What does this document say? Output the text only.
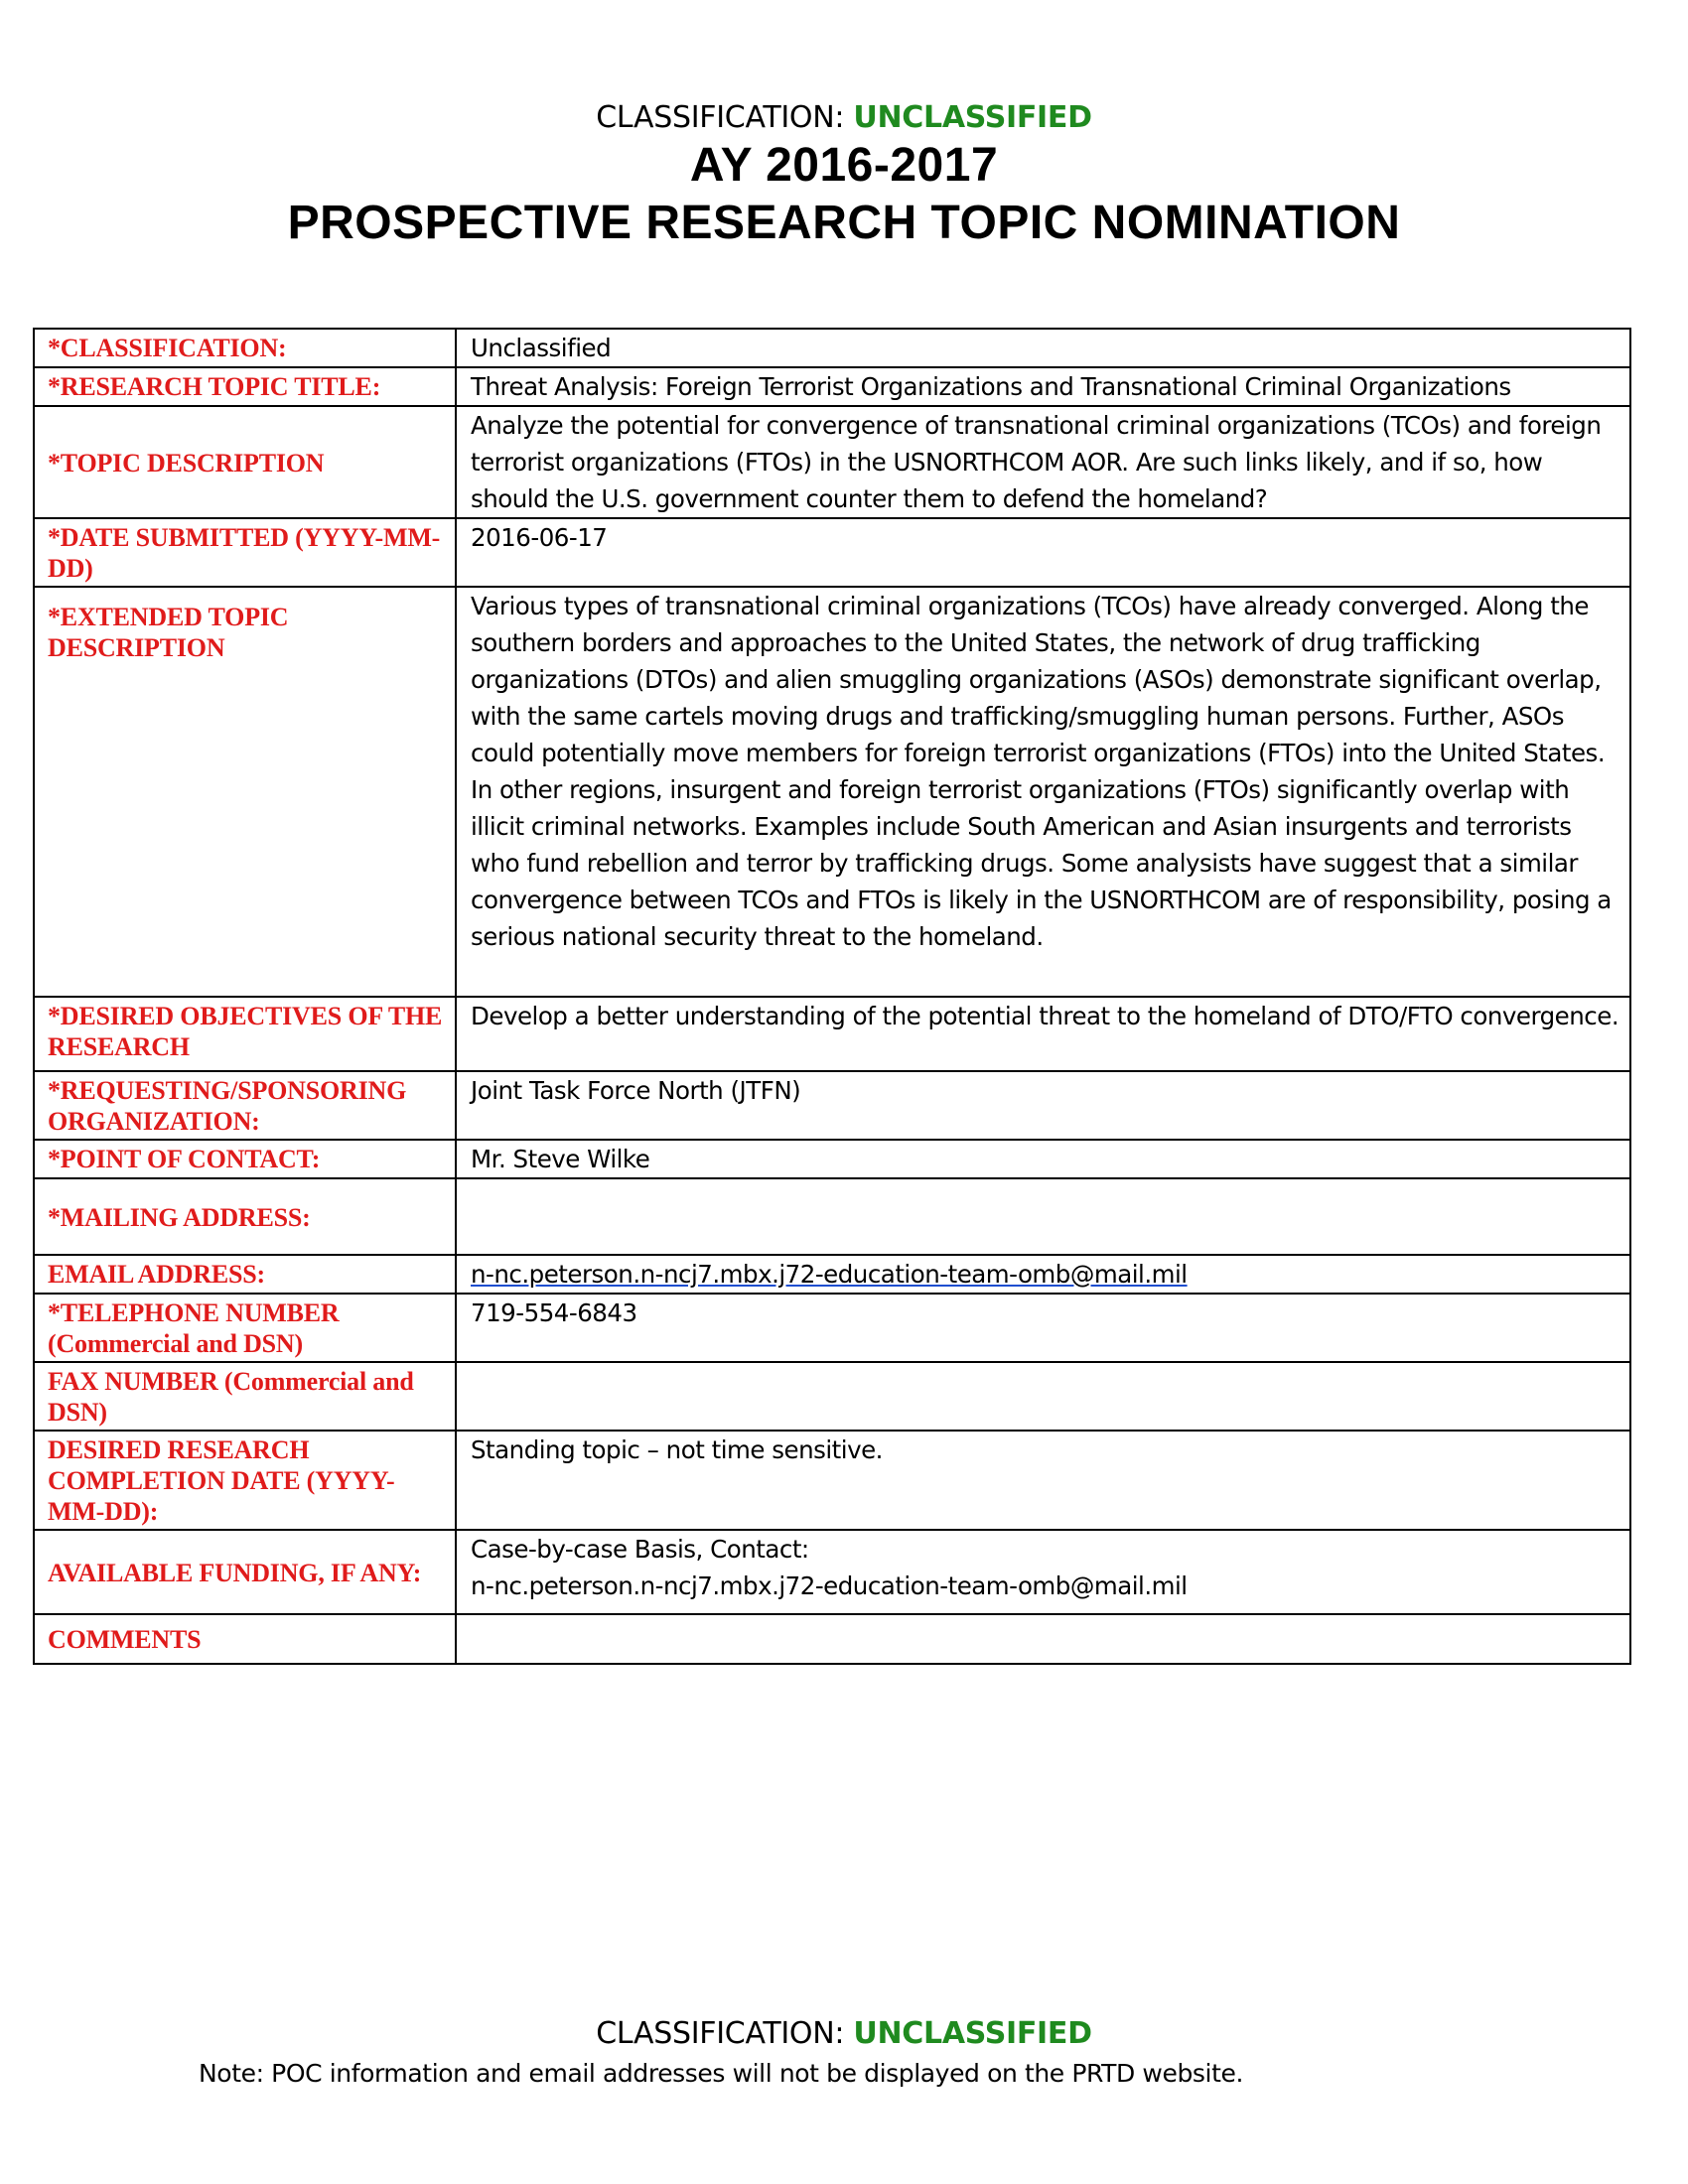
CLASSIFICATION: UNCLASSIFIED
AY 2016-2017
PROSPECTIVE RESEARCH TOPIC NOMINATION
*CLASSIFICATION:	Unclassified
*RESEARCH TOPIC TITLE:	Threat Analysis: Foreign Terrorist Organizations and Transnational Criminal Organizations
*TOPIC DESCRIPTION	Analyze the potential for convergence of transnational criminal organizations (TCOs) and foreign terrorist organizations (FTOs) in the USNORTHCOM AOR. Are such links likely, and if so, how should the U.S. government counter them to defend the homeland?
*DATE SUBMITTED (YYYY-MM-DD)	2016-06-17
*EXTENDED TOPIC DESCRIPTION	Various types of transnational criminal organizations (TCOs) have already converged. Along the southern borders and approaches to the United States, the network of drug trafficking organizations (DTOs) and alien smuggling organizations (ASOs) demonstrate significant overlap, with the same cartels moving drugs and trafficking/smuggling human persons. Further, ASOs could potentially move members for foreign terrorist organizations (FTOs) into the United States. In other regions, insurgent and foreign terrorist organizations (FTOs) significantly overlap with illicit criminal networks. Examples include South American and Asian insurgents and terrorists who fund rebellion and terror by trafficking drugs. Some analysists have suggest that a similar convergence between TCOs and FTOs is likely in the USNORTHCOM are of responsibility, posing a serious national security threat to the homeland.
*DESIRED OBJECTIVES OF THE RESEARCH	Develop a better understanding of the potential threat to the homeland of DTO/FTO convergence.
*REQUESTING/SPONSORING ORGANIZATION:	Joint Task Force North (JTFN)
*POINT OF CONTACT:	Mr. Steve Wilke
*MAILING ADDRESS:	
EMAIL ADDRESS:	n-nc.peterson.n-ncj7.mbx.j72-education-team-omb@mail.mil
*TELEPHONE NUMBER (Commercial and DSN)	719-554-6843
FAX NUMBER (Commercial and DSN)	
DESIRED RESEARCH COMPLETION DATE (YYYY-MM-DD):	Standing topic – not time sensitive.
AVAILABLE FUNDING, IF ANY:	Case-by-case Basis, Contact:
n-nc.peterson.n-ncj7.mbx.j72-education-team-omb@mail.mil

COMMENTS	
CLASSIFICATION: UNCLASSIFIED
Note: POC information and email addresses will not be displayed on the PRTD website.
